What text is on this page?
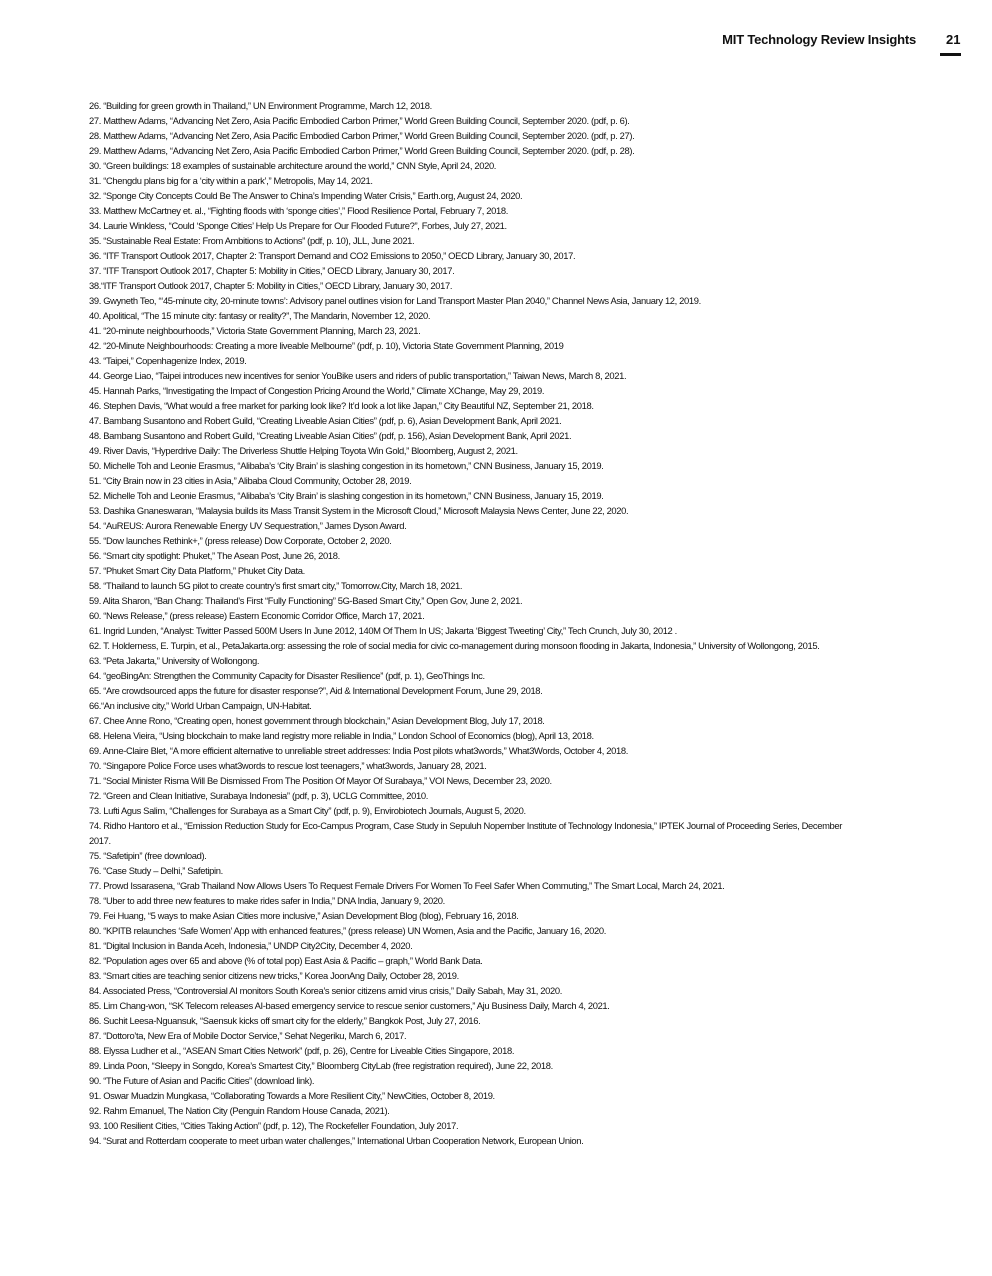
MIT Technology Review Insights 21
26. “Building for green growth in Thailand,” UN Environment Programme, March 12, 2018.
27. Matthew Adams, “Advancing Net Zero, Asia Pacific Embodied Carbon Primer,” World Green Building Council, September 2020. (pdf, p. 6).
28. Matthew Adams, “Advancing Net Zero, Asia Pacific Embodied Carbon Primer,” World Green Building Council, September 2020. (pdf, p. 27).
29. Matthew Adams, “Advancing Net Zero, Asia Pacific Embodied Carbon Primer,” World Green Building Council, September 2020. (pdf, p. 28).
30. “Green buildings: 18 examples of sustainable architecture around the world,” CNN Style, April 24, 2020.
31. “Chengdu plans big for a ‘city within a park’,” Metropolis, May 14, 2021.
32. “Sponge City Concepts Could Be The Answer to China’s Impending Water Crisis,” Earth.org, August 24, 2020.
33. Matthew McCartney et. al., “Fighting floods with ‘sponge cities’,” Flood Resilience Portal, February 7, 2018.
34. Laurie Winkless, “Could ‘Sponge Cities’ Help Us Prepare for Our Flooded Future?”, Forbes, July 27, 2021.
35. “Sustainable Real Estate: From Ambitions to Actions” (pdf, p. 10), JLL, June 2021.
36. “ITF Transport Outlook 2017, Chapter 2: Transport Demand and CO2 Emissions to 2050,” OECD Library, January 30, 2017.
37. “ITF Transport Outlook 2017, Chapter 5: Mobility in Cities,” OECD Library, January 30, 2017.
38.“ITF Transport Outlook 2017, Chapter 5: Mobility in Cities,” OECD Library, January 30, 2017.
39. Gwyneth Teo, “‘45-minute city, 20-minute towns’: Advisory panel outlines vision for Land Transport Master Plan 2040,” Channel News Asia, January 12, 2019.
40. Apolitical, “The 15 minute city: fantasy or reality?”, The Mandarin, November 12, 2020.
41. “20-minute neighbourhoods,” Victoria State Government Planning, March 23, 2021.
42. “20-Minute Neighbourhoods: Creating a more liveable Melbourne” (pdf, p. 10), Victoria State Government Planning, 2019
43. “Taipei,” Copenhagenize Index, 2019.
44. George Liao, “Taipei introduces new incentives for senior YouBike users and riders of public transportation,” Taiwan News, March 8, 2021.
45. Hannah Parks, “Investigating the Impact of Congestion Pricing Around the World,” Climate XChange, May 29, 2019.
46. Stephen Davis, “What would a free market for parking look like? It’d look a lot like Japan,” City Beautiful NZ, September 21, 2018.
47. Bambang Susantono and Robert Guild, “Creating Liveable Asian Cities” (pdf, p. 6), Asian Development Bank, April 2021.
48. Bambang Susantono and Robert Guild, “Creating Liveable Asian Cities” (pdf, p. 156), Asian Development Bank, April 2021.
49. River Davis, “Hyperdrive Daily: The Driverless Shuttle Helping Toyota Win Gold,” Bloomberg, August 2, 2021.
50. Michelle Toh and Leonie Erasmus, “Alibaba’s ‘City Brain’ is slashing congestion in its hometown,” CNN Business, January 15, 2019.
51. “City Brain now in 23 cities in Asia,” Alibaba Cloud Community, October 28, 2019.
52. Michelle Toh and Leonie Erasmus, “Alibaba’s ‘City Brain’ is slashing congestion in its hometown,” CNN Business, January 15, 2019.
53. Dashika Gnaneswaran, “Malaysia builds its Mass Transit System in the Microsoft Cloud,” Microsoft Malaysia News Center, June 22, 2020.
54. “AuREUS: Aurora Renewable Energy UV Sequestration,” James Dyson Award.
55. “Dow launches Rethink+,” (press release) Dow Corporate, October 2, 2020.
56. “Smart city spotlight: Phuket,” The Asean Post, June 26, 2018.
57. “Phuket Smart City Data Platform,” Phuket City Data.
58. “Thailand to launch 5G pilot to create country’s first smart city,” Tomorrow.City, March 18, 2021.
59. Alita Sharon, “Ban Chang: Thailand’s First “Fully Functioning” 5G-Based Smart City,” Open Gov, June 2, 2021.
60. “News Release,” (press release) Eastern Economic Corridor Office, March 17, 2021.
61. Ingrid Lunden, “Analyst: Twitter Passed 500M Users In June 2012, 140M Of Them In US; Jakarta ‘Biggest Tweeting’ City,” Tech Crunch, July 30, 2012 .
62. T. Holderness, E. Turpin, et al., PetaJakarta.org: assessing the role of social media for civic co-management during monsoon flooding in Jakarta, Indonesia,” University of Wollongong, 2015.
63. “Peta Jakarta,” University of Wollongong.
64. “geoBingAn: Strengthen the Community Capacity for Disaster Resilience” (pdf, p. 1), GeoThings Inc.
65. “Are crowdsourced apps the future for disaster response?”, Aid & International Development Forum, June 29, 2018.
66.“An inclusive city,” World Urban Campaign, UN-Habitat.
67. Chee Anne Rono, “Creating open, honest government through blockchain,” Asian Development Blog, July 17, 2018.
68. Helena Vieira, “Using blockchain to make land registry more reliable in India,” London School of Economics (blog), April 13, 2018.
69. Anne-Claire Blet, “A more efficient alternative to unreliable street addresses: India Post pilots what3words,” What3Words, October 4, 2018.
70. “Singapore Police Force uses what3words to rescue lost teenagers,” what3words, January 28, 2021.
71. “Social Minister Risma Will Be Dismissed From The Position Of Mayor Of Surabaya,” VOI News, December 23, 2020.
72. “Green and Clean Initiative, Surabaya Indonesia” (pdf, p. 3), UCLG Committee, 2010.
73. Lufti Agus Salim, “Challenges for Surabaya as a Smart City” (pdf, p. 9), Envirobiotech Journals, August 5, 2020.
74. Ridho Hantoro et al., “Emission Reduction Study for Eco-Campus Program, Case Study in Sepuluh Nopember Institute of Technology Indonesia,” IPTEK Journal of Proceeding Series, December 2017.
75. “Safetipin” (free download).
76. “Case Study – Delhi,” Safetipin.
77. Prowd Issarasena, “Grab Thailand Now Allows Users To Request Female Drivers For Women To Feel Safer When Commuting,” The Smart Local, March 24, 2021.
78. “Uber to add three new features to make rides safer in India,” DNA India, January 9, 2020.
79. Fei Huang, “5 ways to make Asian Cities more inclusive,” Asian Development Blog (blog), February 16, 2018.
80. “KPITB relaunches ‘Safe Women’ App with enhanced features,” (press release) UN Women, Asia and the Pacific, January 16, 2020.
81. “Digital Inclusion in Banda Aceh, Indonesia,” UNDP City2City, December 4, 2020.
82. “Population ages over 65 and above (% of total pop) East Asia & Pacific – graph,” World Bank Data.
83. “Smart cities are teaching senior citizens new tricks,” Korea JoonAng Daily, October 28, 2019.
84. Associated Press, “Controversial AI monitors South Korea’s senior citizens amid virus crisis,” Daily Sabah, May 31, 2020.
85. Lim Chang-won, “SK Telecom releases AI-based emergency service to rescue senior customers,” Aju Business Daily, March 4, 2021.
86. Suchit Leesa-Nguansuk, “Saensuk kicks off smart city for the elderly,” Bangkok Post, July 27, 2016.
87. “Dottoro’ta, New Era of Mobile Doctor Service,” Sehat Negeriku, March 6, 2017.
88. Elyssa Ludher et al., “ASEAN Smart Cities Network” (pdf, p. 26), Centre for Liveable Cities Singapore, 2018.
89. Linda Poon, “Sleepy in Songdo, Korea’s Smartest City,” Bloomberg CityLab (free registration required), June 22, 2018.
90. “The Future of Asian and Pacific Cities” (download link).
91. Oswar Muadzin Mungkasa, “Collaborating Towards a More Resilient City,” NewCities, October 8, 2019.
92. Rahm Emanuel, The Nation City (Penguin Random House Canada, 2021).
93. 100 Resilient Cities, “Cities Taking Action” (pdf, p. 12), The Rockefeller Foundation, July 2017.
94. “Surat and Rotterdam cooperate to meet urban water challenges,” International Urban Cooperation Network, European Union.
